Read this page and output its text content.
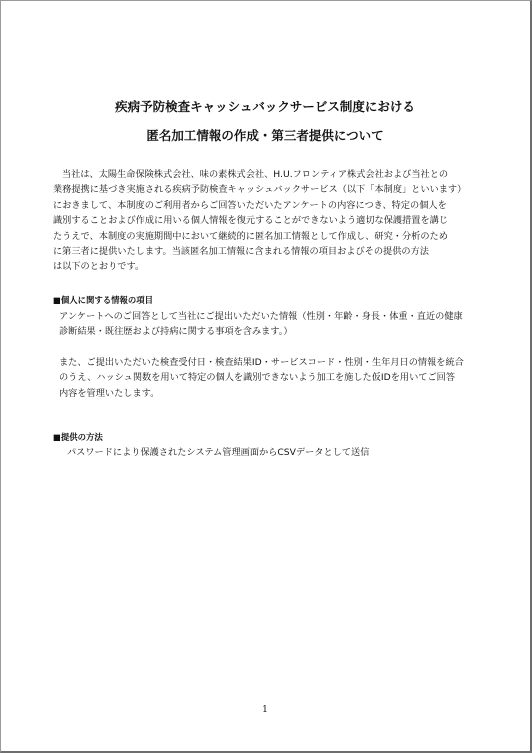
疾病予防検査キャッシュバックサービス制度における
匿名加工情報の作成・第三者提供について
当社は、太陽生命保険株式会社、味の素株式会社、H.U.フロンティア株式会社および当社との
業務提携に基づき実施される疾病予防検査キャッシュバックサービス（以下「本制度」といいます）
におきまして、本制度のご利用者からご回答いただいたアンケートの内容につき、特定の個人を
識別することおよび作成に用いる個人情報を復元することができないよう適切な保護措置を講じ
たうえで、本制度の実施期間中において継続的に匿名加工情報として作成し、研究・分析のため
に第三者に提供いたします。当該匿名加工情報に含まれる情報の項目およびその提供の方法
は以下のとおりです。
■個人に関する情報の項目
アンケートへのご回答として当社にご提出いただいた情報（性別・年齢・身長・体重・直近の健康
診断結果・既往歴および持病に関する事項を含みます。）
また、ご提出いただいた検査受付日・検査結果ID・サービスコード・性別・生年月日の情報を統合
のうえ、ハッシュ関数を用いて特定の個人を識別できないよう加工を施した仮IDを用いてご回答
内容を管理いたします。
■提供の方法
パスワードにより保護されたシステム管理画面からCSVデータとして送信
1
